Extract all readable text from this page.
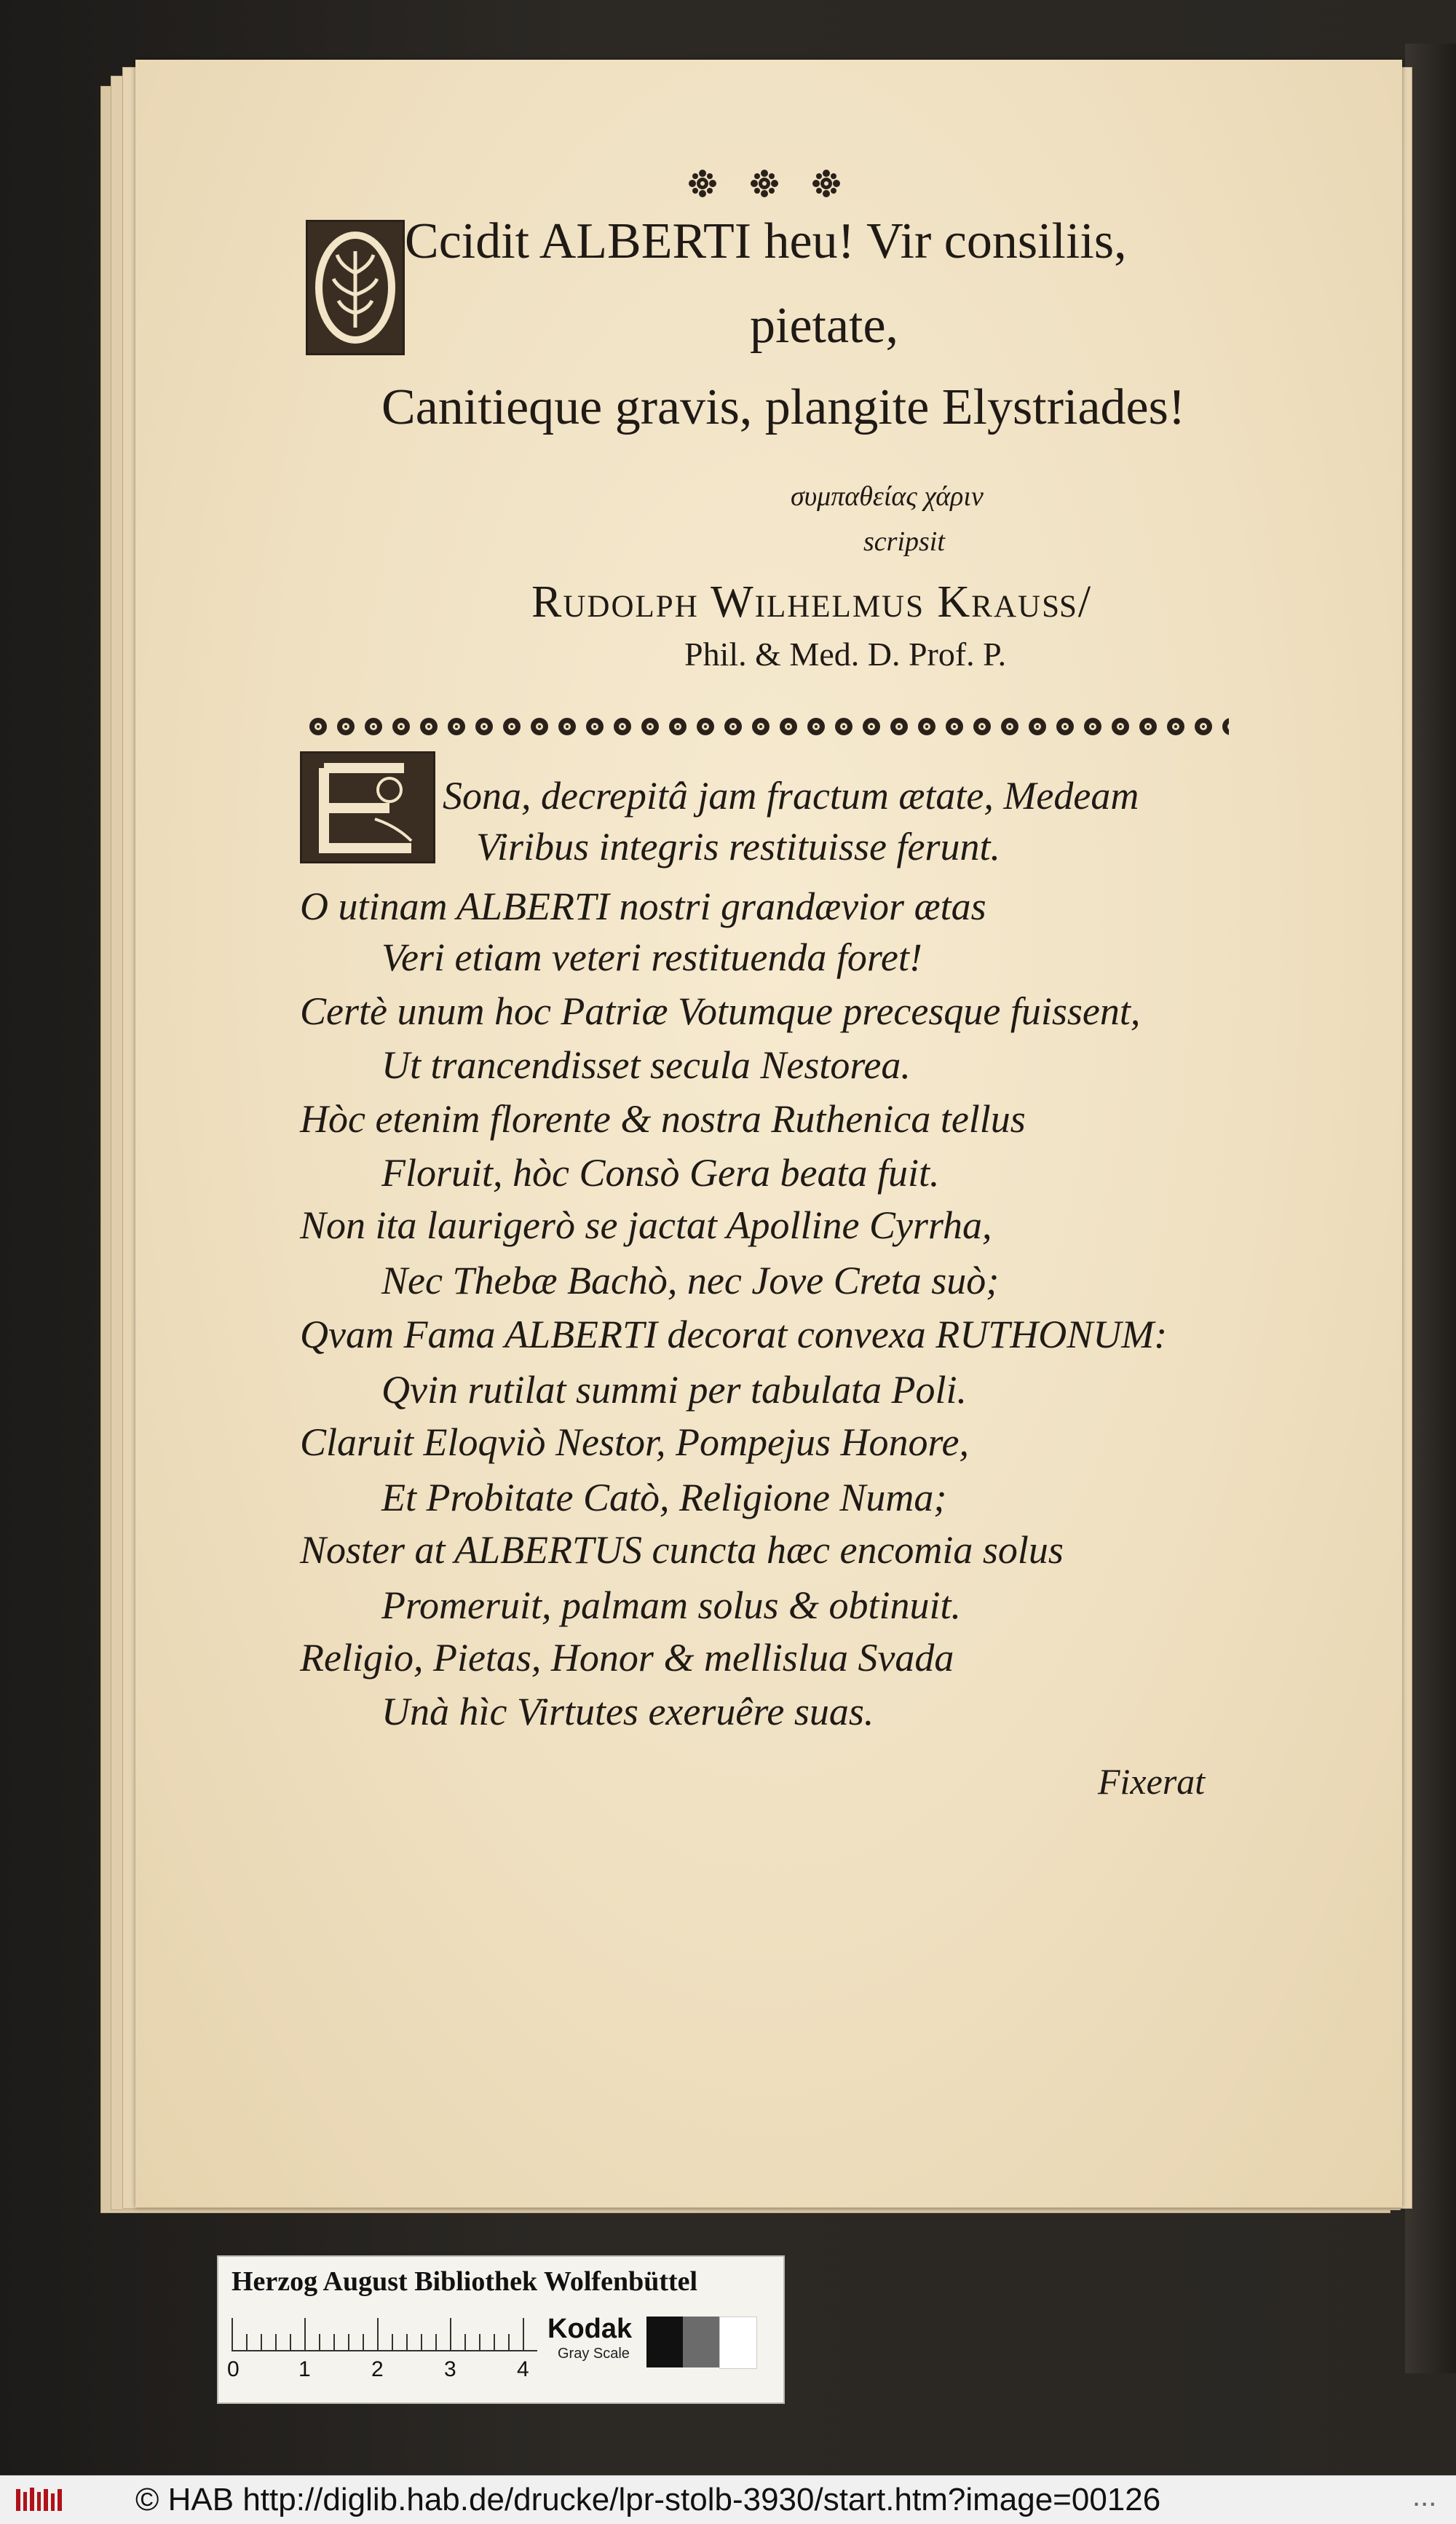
Ccidit ALBERTI heu! Vir consiliis,
pietate,
Canitieque gravis, plangite Elystriades!
συμπαθείας χάριν
scripsit
Rudolph Wilhelmus Krauß/
Phil. & Med. D. Prof. P.
Sona, decrepitâ jam fractum ætate, Medeam
Viribus integris restituisse ferunt.
O utinam ALBERTI nostri grandævior ætas
Veri etiam veteri restituenda foret!
Certè unum hoc Patriæ Votumque precesque fuissent,
Ut trancendisset secula Nestorea.
Hòc etenim florente & nostra Ruthenica tellus
Floruit, hòc Consò Gera beata fuit.
Non ita laurigerò se jactat Apolline Cyrrha,
Nec Thebæ Bachò, nec Jove Creta suò;
Qvam Fama ALBERTI decorat convexa RUTHONUM:
Qvin rutilat summi per tabulata Poli.
Claruit Eloqviò Nestor, Pompejus Honore,
Et Probitate Catò, Religione Numa;
Noster at ALBERTUS cuncta hæc encomia solus
Promeruit, palmam solus & obtinuit.
Religio, Pietas, Honor & mellislua Svada
Unà hìc Virtutes exeruêre suas.
Fixerat
Herzog August Bibliothek Wolfenbüttel
0	1	2	3	4
Kodak
Gray Scale
© HAB http://diglib.hab.de/drucke/lpr-stolb-3930/start.htm?image=00126	...
